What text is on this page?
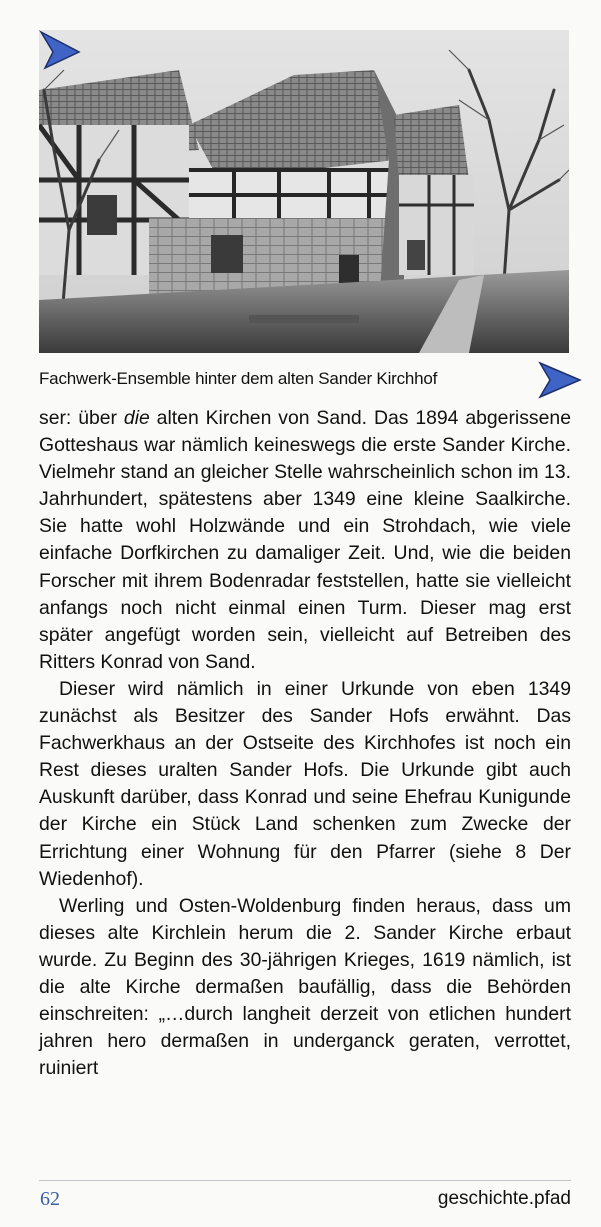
Fachwerk-Ensemble hinter dem alten Sander Kirchhof

ser: über die alten Kirchen von Sand. Das 1894 abgerissene Gotteshaus war nämlich keineswegs die erste Sander Kirche. Vielmehr stand an gleicher Stelle wahrscheinlich schon im 13. Jahrhundert, spätestens aber 1349 eine kleine Saalkirche. Sie hatte wohl Holzwände und ein Strohdach, wie viele einfache Dorfkirchen zu damaliger Zeit. Und, wie die beiden Forscher mit ihrem Bodenradar feststellen, hatte sie vielleicht anfangs noch nicht einmal einen Turm. Dieser mag erst später angefügt worden sein, vielleicht auf Betreiben des Ritters Konrad von Sand.

Dieser wird nämlich in einer Urkunde von eben 1349 zunächst als Besitzer des Sander Hofs erwähnt. Das Fachwerkhaus an der Ostseite des Kirchhofes ist noch ein Rest dieses uralten Sander Hofs. Die Urkunde gibt auch Auskunft darüber, dass Konrad und seine Ehefrau Kunigunde der Kirche ein Stück Land schenken zum Zwecke der Errichtung einer Wohnung für den Pfarrer (siehe 8 Der Wiedenhof).

Werling und Osten-Woldenburg finden heraus, dass um dieses alte Kirchlein herum die 2. Sander Kirche erbaut wurde. Zu Beginn des 30-jährigen Krieges, 1619 nämlich, ist die alte Kirche dermaßen baufällig, dass die Behörden einschreiten: „…durch langheit derzeit von etlichen hundert jahren hero dermaßen in underganck geraten, verrottet, ruiniert

62	geschichte.pfad
